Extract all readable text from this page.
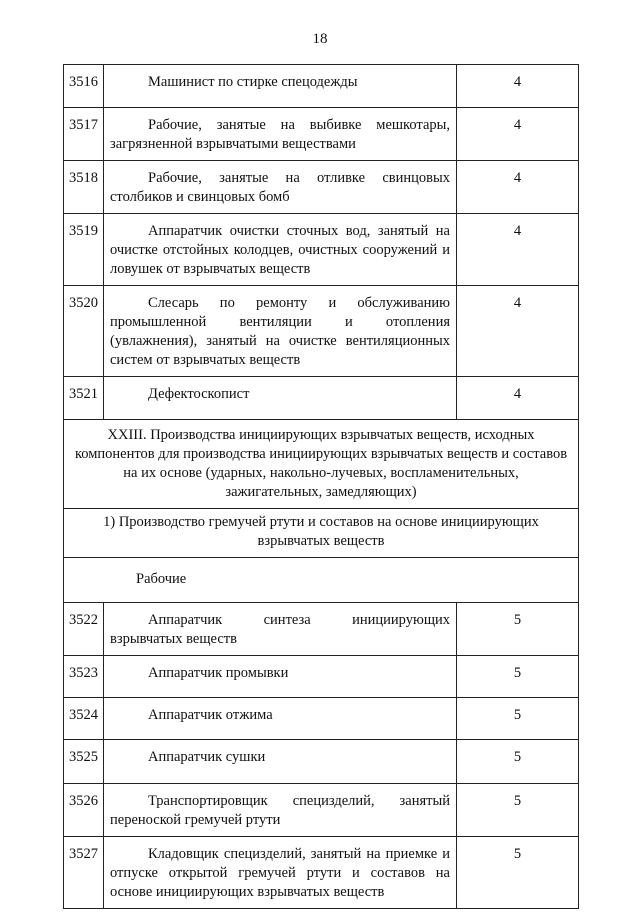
18
3516	Машинист по стирке спецодежды	4
3517	Рабочие, занятые на выбивке мешкотары, загрязненной взрывчатыми веществами	4
3518	Рабочие, занятые на отливке свинцовых столбиков и свинцовых бомб	4
3519	Аппаратчик очистки сточных вод, занятый на очистке отстойных колодцев, очистных сооружений и ловушек от взрывчатых веществ	4
3520	Слесарь по ремонту и обслуживанию промышленной вентиляции и отопления (увлажнения), занятый на очистке вентиляционных систем от взрывчатых веществ	4
3521	Дефектоскопист	4
XXIII. Производства инициирующих взрывчатых веществ, исходных компонентов для производства инициирующих взрывчатых веществ и составов на их основе (ударных, накольно-лучевых, воспламенительных, зажигательных, замедляющих)		
1) Производство гремучей ртути и составов на основе инициирующих взрывчатых веществ		
Рабочие		
3522	Аппаратчик синтеза инициирующих взрывчатых веществ	5
3523	Аппаратчик промывки	5
3524	Аппаратчик отжима	5
3525	Аппаратчик сушки	5
3526	Транспортировщик специзделий, занятый переноской гремучей ртути	5
3527	Кладовщик специзделий, занятый на приемке и отпуске открытой гремучей ртути и составов на основе инициирующих взрывчатых веществ	5
